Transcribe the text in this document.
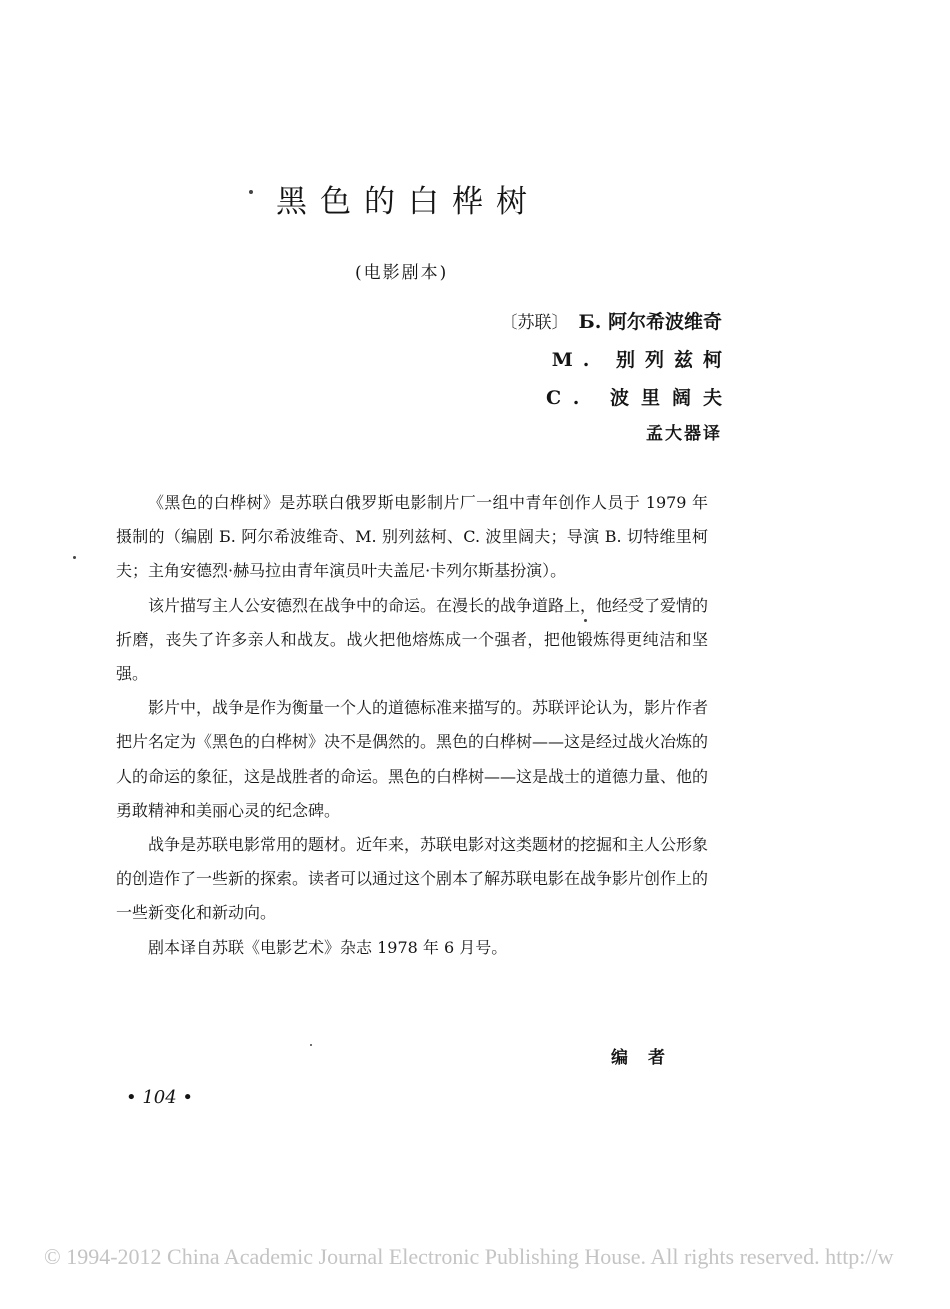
黑色的白桦树
(电影剧本)
〔苏联〕 Б. 阿尔希波维奇
M. 别列兹柯
C. 波里阔夫
孟大器译

《黑色的白桦树》是苏联白俄罗斯电影制片厂一组中青年创作人员于 1979 年摄制的（编剧 Б. 阿尔希波维奇、M. 别列兹柯、C. 波里阔夫；导演 B. 切特维里柯夫；主角安德烈·赫马拉由青年演员叶夫盖尼·卡列尔斯基扮演）。

该片描写主人公安德烈在战争中的命运。在漫长的战争道路上，他经受了爱情的折磨，丧失了许多亲人和战友。战火把他熔炼成一个强者，把他锻炼得更纯洁和坚强。

影片中，战争是作为衡量一个人的道德标准来描写的。苏联评论认为，影片作者把片名定为《黑色的白桦树》决不是偶然的。黑色的白桦树——这是经过战火冶炼的人的命运的象征，这是战胜者的命运。黑色的白桦树——这是战士的道德力量、他的勇敢精神和美丽心灵的纪念碑。

战争是苏联电影常用的题材。近年来，苏联电影对这类题材的挖掘和主人公形象的创造作了一些新的探索。读者可以通过这个剧本了解苏联电影在战争影片创作上的一些新变化和新动向。

剧本译自苏联《电影艺术》杂志 1978 年 6 月号。

编者
• 104 •
© 1994-2012 China Academic Journal Electronic Publishing House. All rights reserved. http://w
